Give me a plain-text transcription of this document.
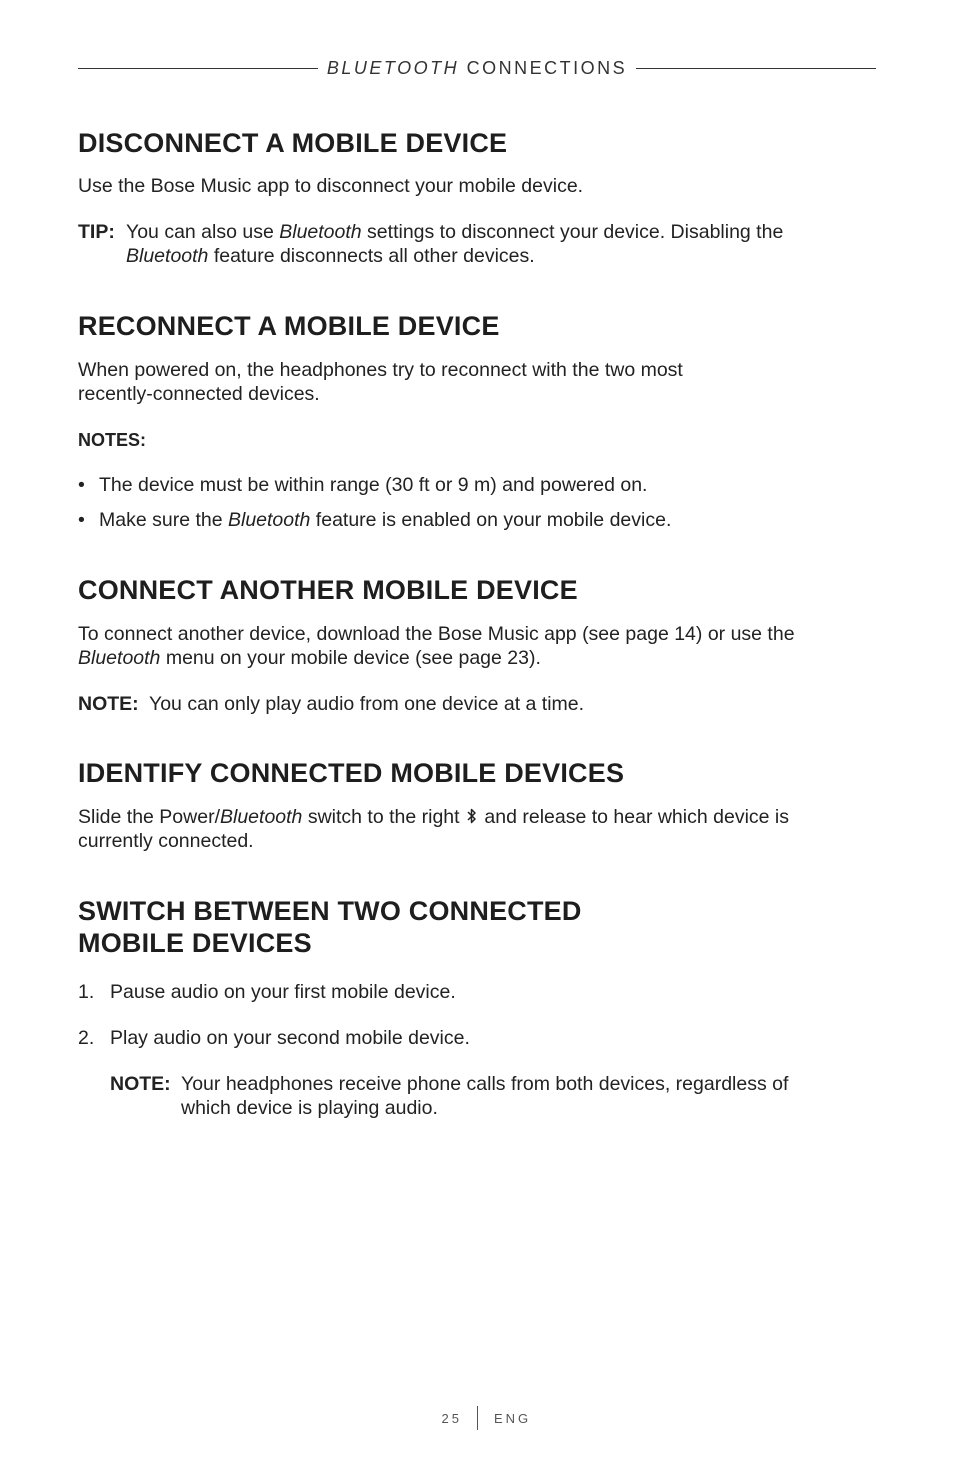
BLUETOOTH CONNECTIONS
DISCONNECT A MOBILE DEVICE

Use the Bose Music app to disconnect your mobile device.

TIP: You can also use Bluetooth settings to disconnect your device. Disabling the

Bluetooth feature disconnects all other devices.

RECONNECT A MOBILE DEVICE

When powered on, the headphones try to reconnect with the two most

recently-connected devices.

NOTES:

• The device must be within range (30 ft or 9 m) and powered on.

• Make sure the Bluetooth feature is enabled on your mobile device.

CONNECT ANOTHER MOBILE DEVICE

To connect another device, download the Bose Music app (see page 14) or use the

Bluetooth menu on your mobile device (see page 23).

NOTE: You can only play audio from one device at a time.

IDENTIFY CONNECTED MOBILE DEVICES

Slide the Power/Bluetooth switch to the right  and release to hear which device is

currently connected.

SWITCH BETWEEN TWO CONNECTED
MOBILE DEVICES

1. Pause audio on your first mobile device.

2. Play audio on your second mobile device.

NOTE: Your headphones receive phone calls from both devices, regardless of

which device is playing audio.

25 ENG
